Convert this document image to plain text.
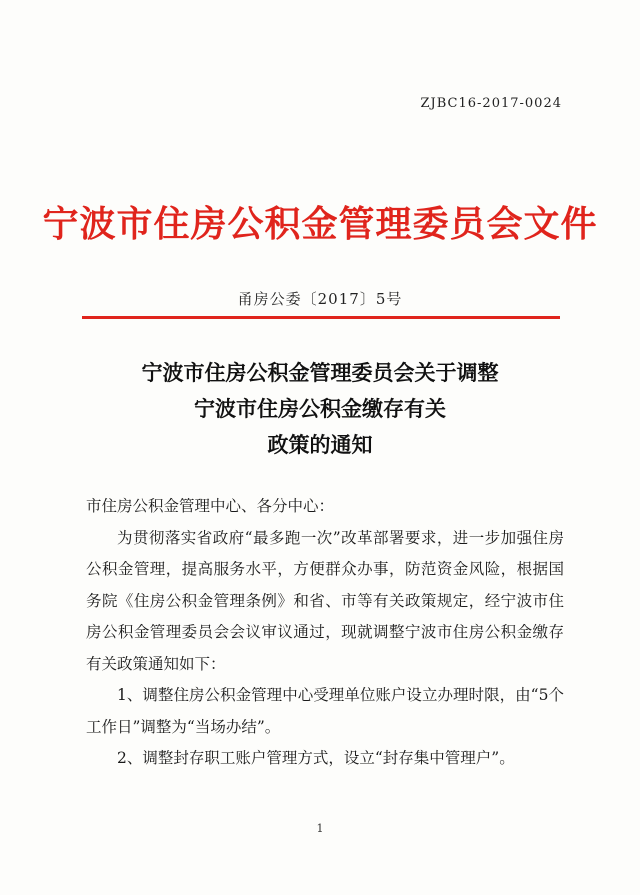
ZJBC16-2017-0024
宁波市住房公积金管理委员会文件
甬房公委〔2017〕5号
宁波市住房公积金管理委员会关于调整
宁波市住房公积金缴存有关
政策的通知

市住房公积金管理中心、各分中心：

为贯彻落实省政府“最多跑一次”改革部署要求，进一步加强住房公积金管理，提高服务水平，方便群众办事，防范资金风险，根据国务院《住房公积金管理条例》和省、市等有关政策规定，经宁波市住房公积金管理委员会会议审议通过，现就调整宁波市住房公积金缴存有关政策通知如下：

1、调整住房公积金管理中心受理单位账户设立办理时限，由“5个工作日”调整为“当场办结”。

2、调整封存职工账户管理方式，设立“封存集中管理户”。

1
